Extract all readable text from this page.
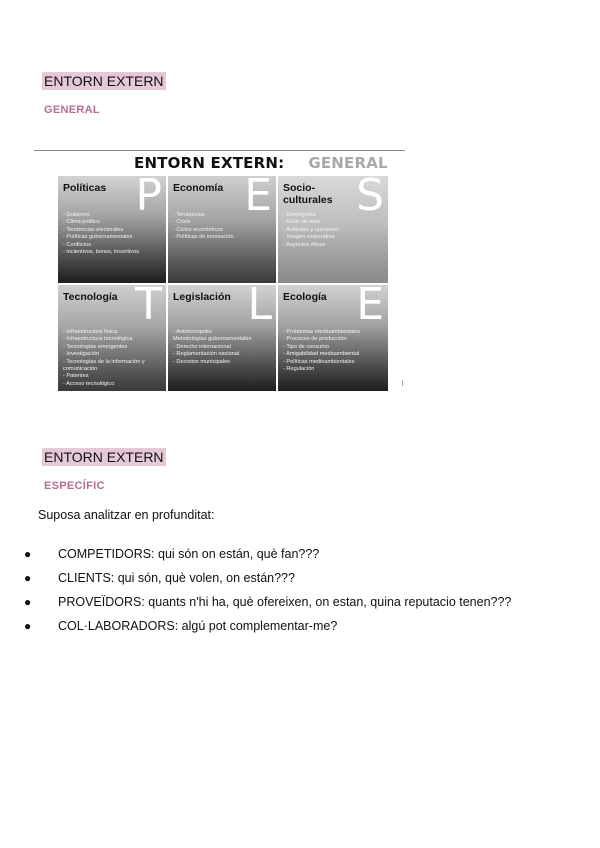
ENTORN EXTERN
GENERAL
ENTORN EXTERN: GENERAL
P
Políticas
- Gobierno
- Clima político
- Tendencias electorales
- Políticas gubernamentales
- Conflictos
- incientivos, bonos, incentivos
E
Economía
- Tendencias
- Crisis
- Ciclos económicos
- Políticas de innovación
S
Socio-culturales
- Demografía
- Estilo de vida
- Actitudes y opiniones
- Imagen corporativa
- Aspectos éticos
T
Tecnología
- Infraestructura física
- Infraestructura tecnológica
- Tecnologías emergentes
- Investigación
- Tecnologías de la información y
comunicación
- Patentes
- Acceso tecnológico
L
Legislación
- Antimonopolio
Metodologías gubernamentales
- Derecho internacional
- Reglamentación nacional
- Decretos municipales
E
Ecología
- Problemas medioambientales
- Procesos de producción
- Tipo de consumo
- Amigabilidad medioambiental
- Políticas medioambientales
- Regulación
ENTORN EXTERN
ESPECÍFIC
Suposa analitzar en profunditat:
● COMPETIDORS: qui són on están, què fan???
● CLIENTS: qui són, què volen, on están???
● PROVEÏDORS: quants n'hi ha, què ofereixen, on estan, quina reputacio tenen???
● COL·LABORADORS: algú pot complementar-me?
